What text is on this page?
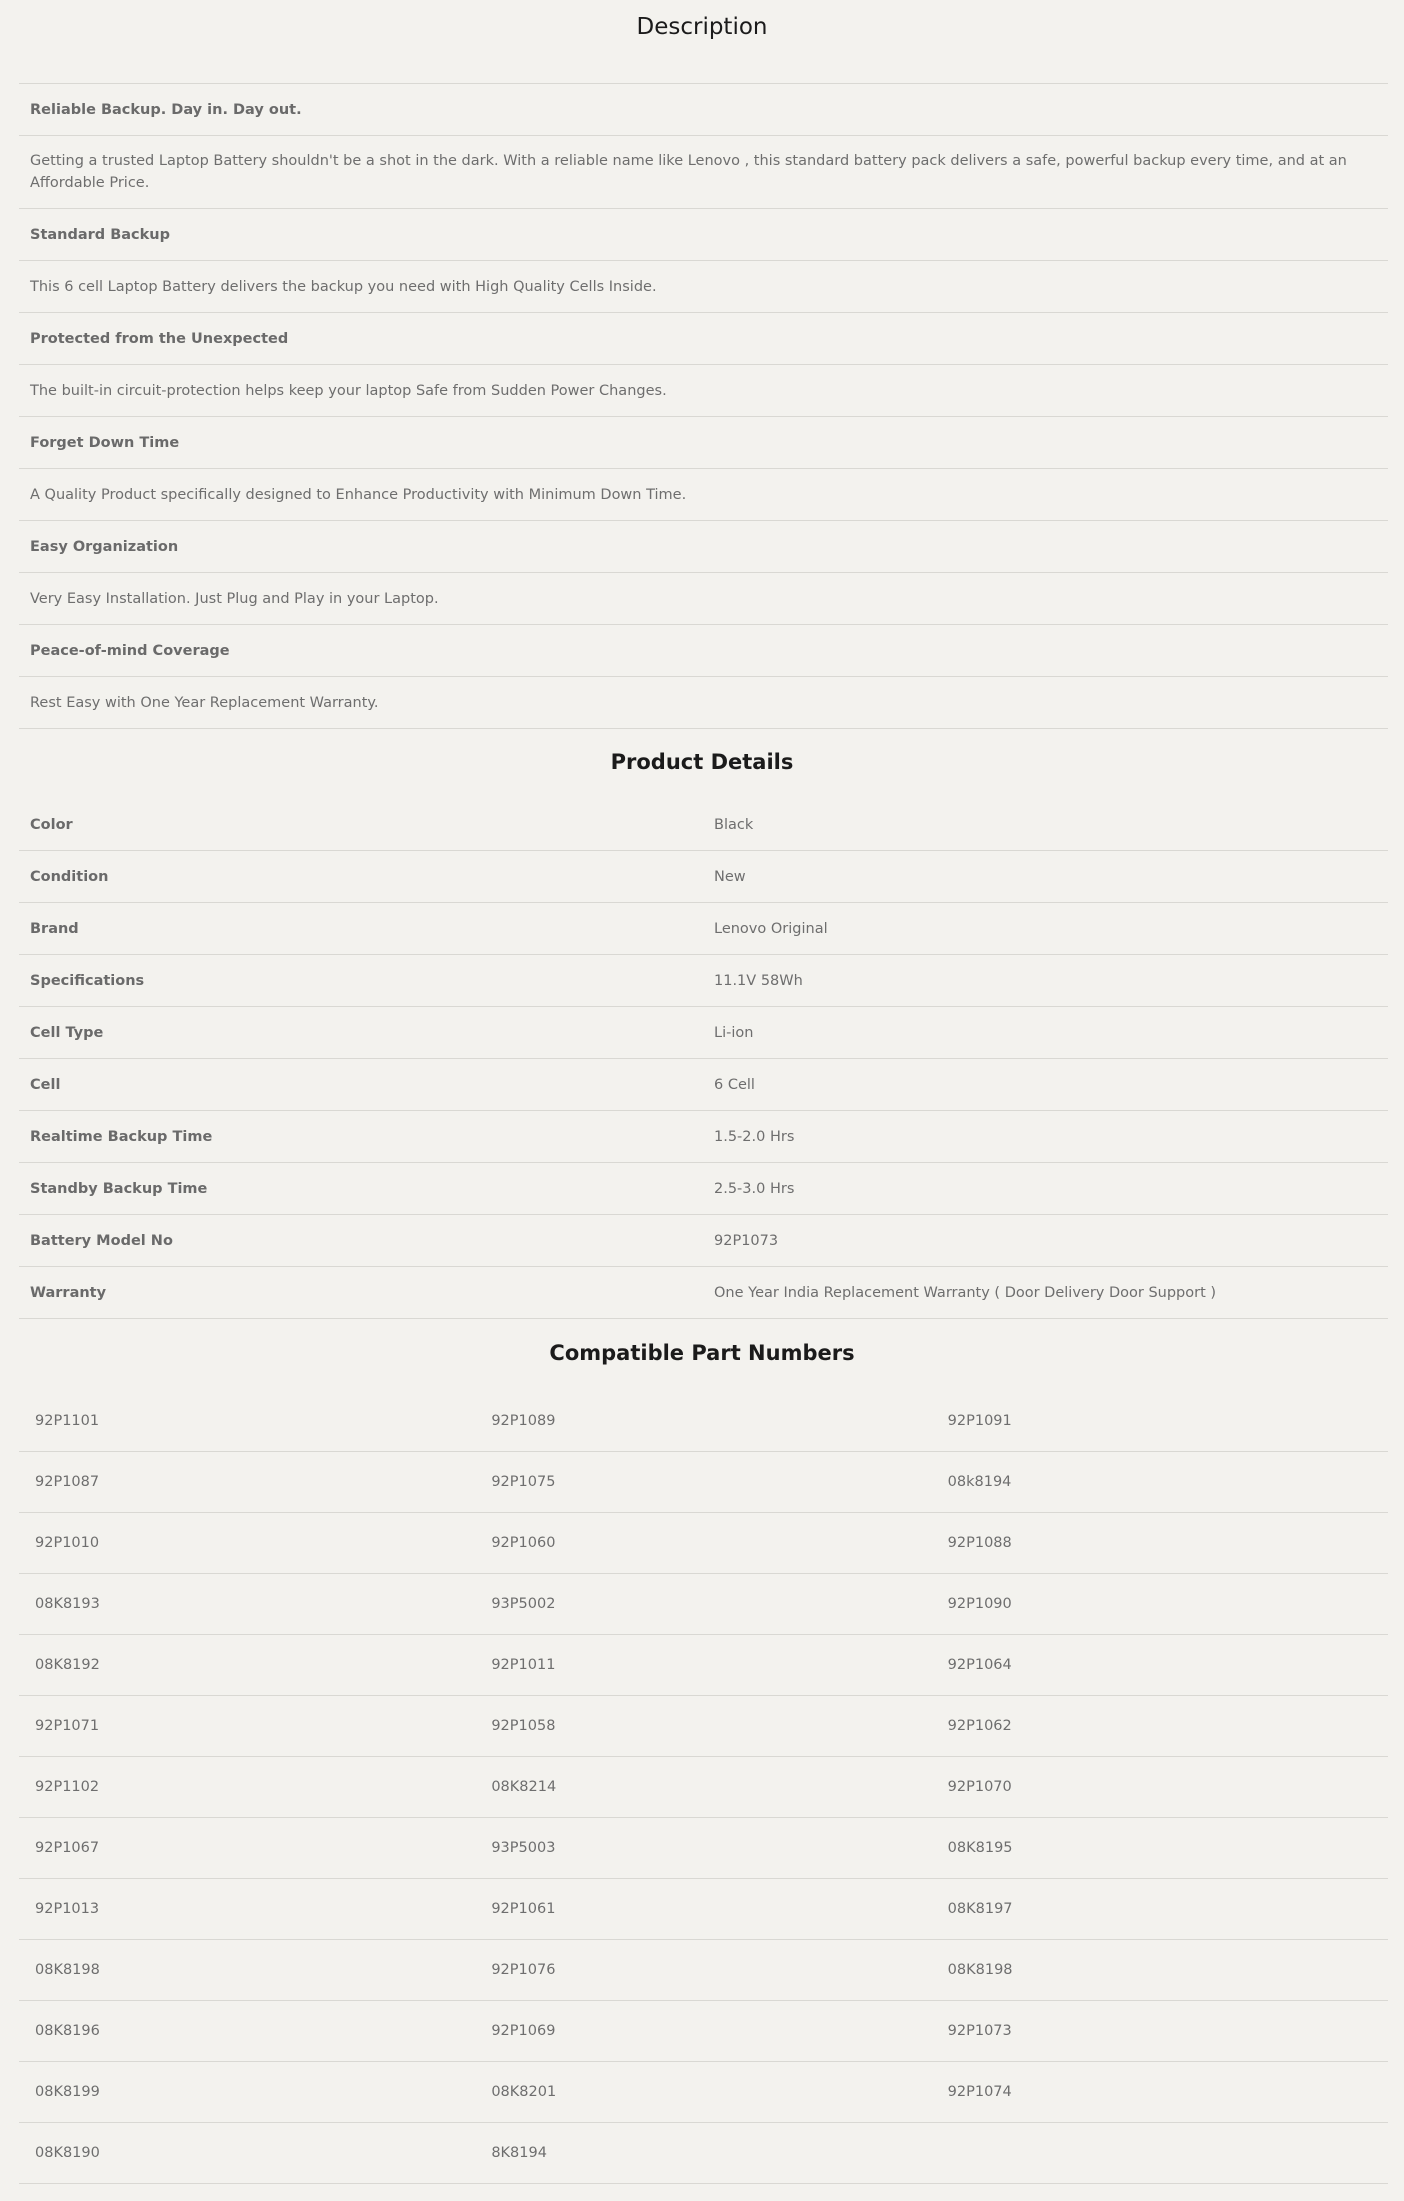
Description
Reliable Backup. Day in. Day out.
Getting a trusted Laptop Battery shouldn't be a shot in the dark. With a reliable name like Lenovo , this standard battery pack delivers a safe, powerful backup every time, and at an Affordable Price.
Standard Backup
This 6 cell Laptop Battery delivers the backup you need with High Quality Cells Inside.
Protected from the Unexpected
The built-in circuit-protection helps keep your laptop Safe from Sudden Power Changes.
Forget Down Time
A Quality Product specifically designed to Enhance Productivity with Minimum Down Time.
Easy Organization
Very Easy Installation. Just Plug and Play in your Laptop.
Peace-of-mind Coverage
Rest Easy with One Year Replacement Warranty.
Product Details
Color	Black
Condition	New
Brand	Lenovo Original
Specifications	11.1V 58Wh
Cell Type	Li-ion
Cell	6 Cell
Realtime Backup Time	1.5-2.0 Hrs
Standby Backup Time	2.5-3.0 Hrs
Battery Model No	92P1073
Warranty	One Year India Replacement Warranty ( Door Delivery Door Support )
Compatible Part Numbers
92P1101	92P1089	92P1091
92P1087	92P1075	08k8194
92P1010	92P1060	92P1088
08K8193	93P5002	92P1090
08K8192	92P1011	92P1064
92P1071	92P1058	92P1062
92P1102	08K8214	92P1070
92P1067	93P5003	08K8195
92P1013	92P1061	08K8197
08K8198	92P1076	08K8198
08K8196	92P1069	92P1073
08K8199	08K8201	92P1074
08K8190	8K8194	
